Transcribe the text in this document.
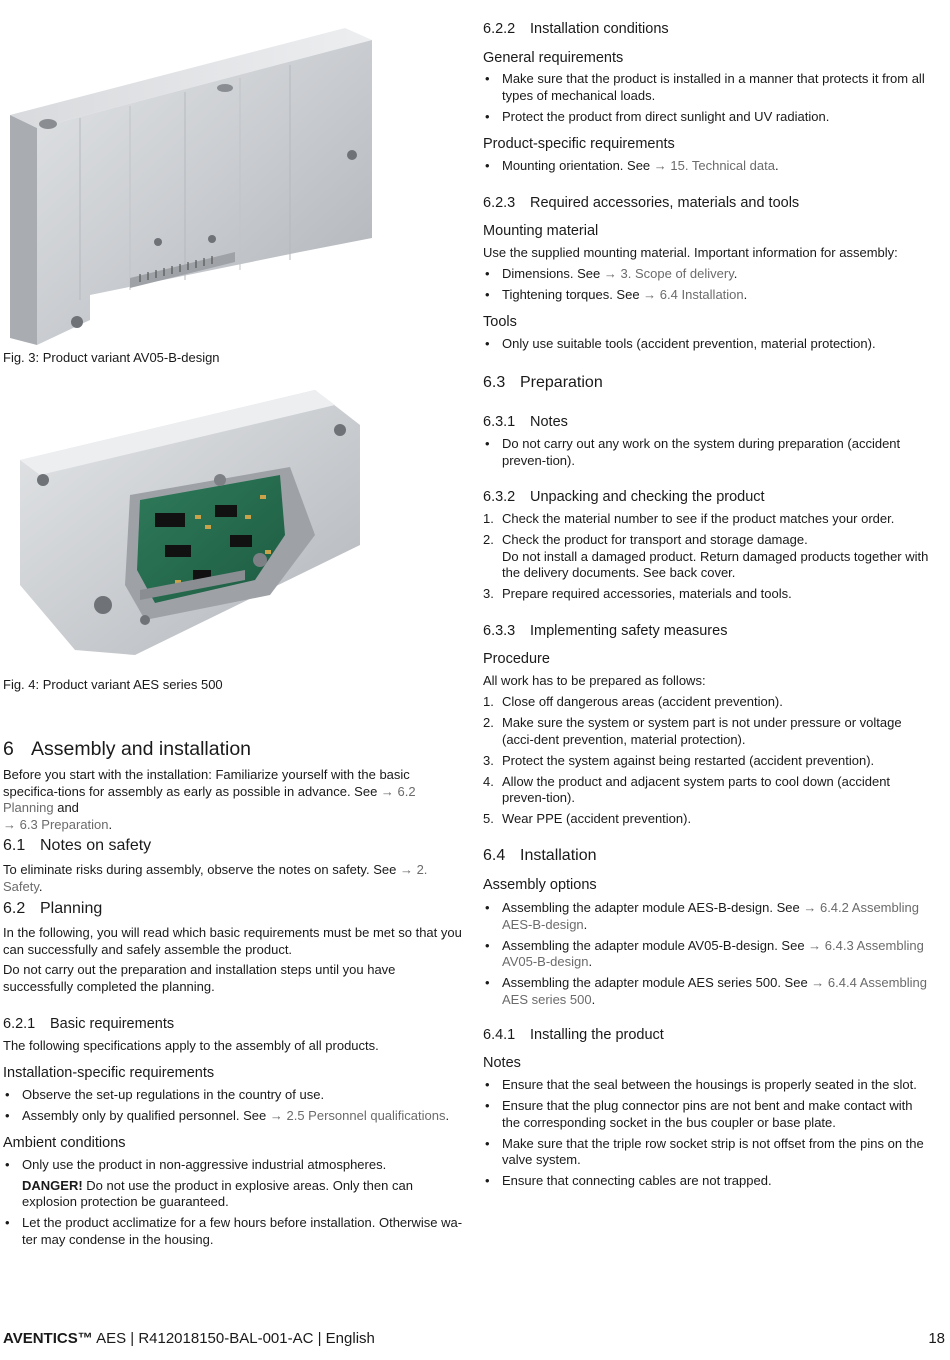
Fig. 3: Product variant AV05-B-design
Fig. 4: Product variant AES series 500
6 Assembly and installation
Before you start with the installation: Familiarize yourself with the basic specifica-tions for assembly as early as possible in advance. See → 6.2 Planning and
→ 6.3 Preparation.
6.1 Notes on safety
To eliminate risks during assembly, observe the notes on safety. See → 2. Safety.
6.2 Planning
In the following, you will read which basic requirements must be met so that you can successfully and safely assemble the product.
Do not carry out the preparation and installation steps until you have successfully completed the planning.
6.2.1 Basic requirements
The following specifications apply to the assembly of all products.
Installation-specific requirements
• Observe the set-up regulations in the country of use.
• Assembly only by qualified personnel. See → 2.5 Personnel qualifications.
Ambient conditions
• Only use the product in non-aggressive industrial atmospheres.
DANGER! Do not use the product in explosive areas. Only then can explosion protection be guaranteed.
• Let the product acclimatize for a few hours before installation. Otherwise wa-ter may condense in the housing.
6.2.2 Installation conditions
General requirements
• Make sure that the product is installed in a manner that protects it from all types of mechanical loads.
• Protect the product from direct sunlight and UV radiation.
Product-specific requirements
• Mounting orientation. See → 15. Technical data.
6.2.3 Required accessories, materials and tools
Mounting material
Use the supplied mounting material. Important information for assembly:
• Dimensions. See → 3. Scope of delivery.
• Tightening torques. See → 6.4 Installation.
Tools
• Only use suitable tools (accident prevention, material protection).
6.3 Preparation
6.3.1 Notes
• Do not carry out any work on the system during preparation (accident preven-tion).
6.3.2 Unpacking and checking the product
1. Check the material number to see if the product matches your order.
2. Check the product for transport and storage damage.
Do not install a damaged product. Return damaged products together with the delivery documents. See back cover.
3. Prepare required accessories, materials and tools.
6.3.3 Implementing safety measures
Procedure
All work has to be prepared as follows:
1. Close off dangerous areas (accident prevention).
2. Make sure the system or system part is not under pressure or voltage (acci-dent prevention, material protection).
3. Protect the system against being restarted (accident prevention).
4. Allow the product and adjacent system parts to cool down (accident preven-tion).
5. Wear PPE (accident prevention).
6.4 Installation
Assembly options
• Assembling the adapter module AES-B-design. See → 6.4.2 Assembling AES-B-design.
• Assembling the adapter module AV05-B-design. See → 6.4.3 Assembling AV05-B-design.
• Assembling the adapter module AES series 500. See → 6.4.4 Assembling AES series 500.
6.4.1 Installing the product
Notes
• Ensure that the seal between the housings is properly seated in the slot.
• Ensure that the plug connector pins are not bent and make contact with the corresponding socket in the bus coupler or base plate.
• Make sure that the triple row socket strip is not offset from the pins on the valve system.
• Ensure that connecting cables are not trapped.
AVENTICS™ AES | R412018150-BAL-001-AC | English	18
